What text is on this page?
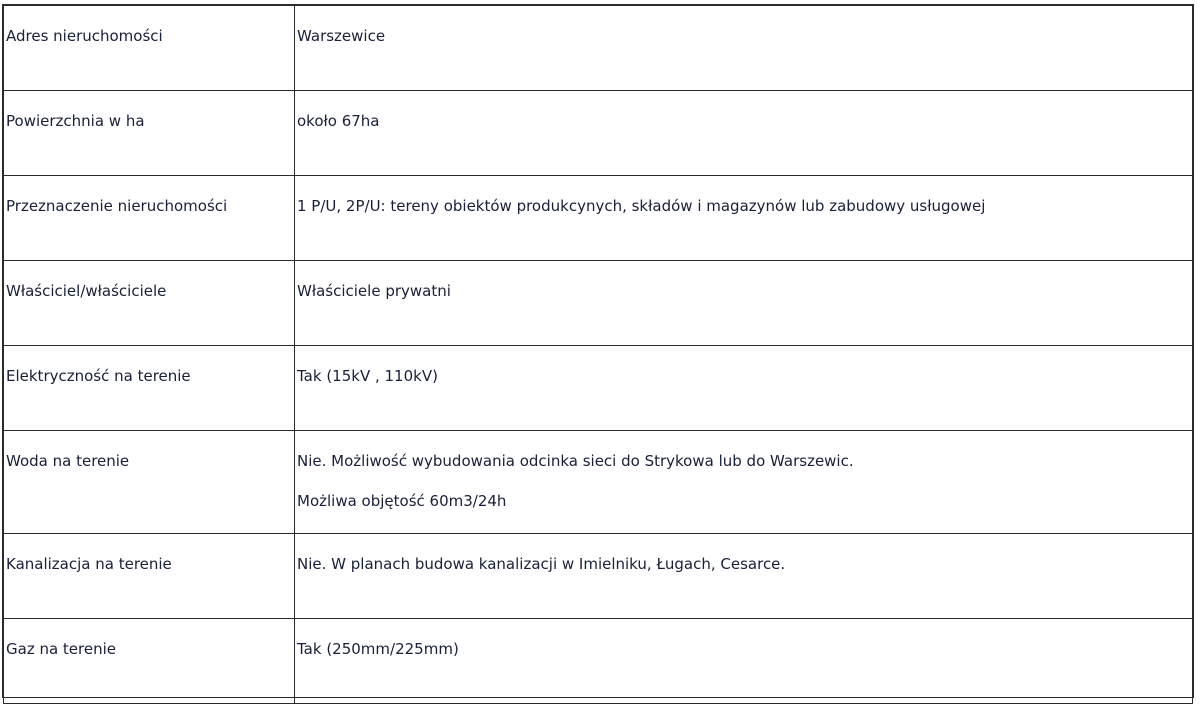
Adres nieruchomości	Warszewice

Powierzchnia w ha	około 67ha

Przeznaczenie nieruchomości	1 P/U, 2P/U: tereny obiektów produkcynych, składów i magazynów lub zabudowy usługowej

Właściciel/właściciele	Właściciele prywatni

Elektryczność na terenie	Tak (15kV , 110kV)

Woda na terenie	Nie. Możliwość wybudowania odcinka sieci do Strykowa lub do Warszewic.
Możliwa objętość 60m3/24h

Kanalizacja na terenie	Nie. W planach budowa kanalizacji w Imielniku, Ługach, Cesarce.

Gaz na terenie	Tak (250mm/225mm)
